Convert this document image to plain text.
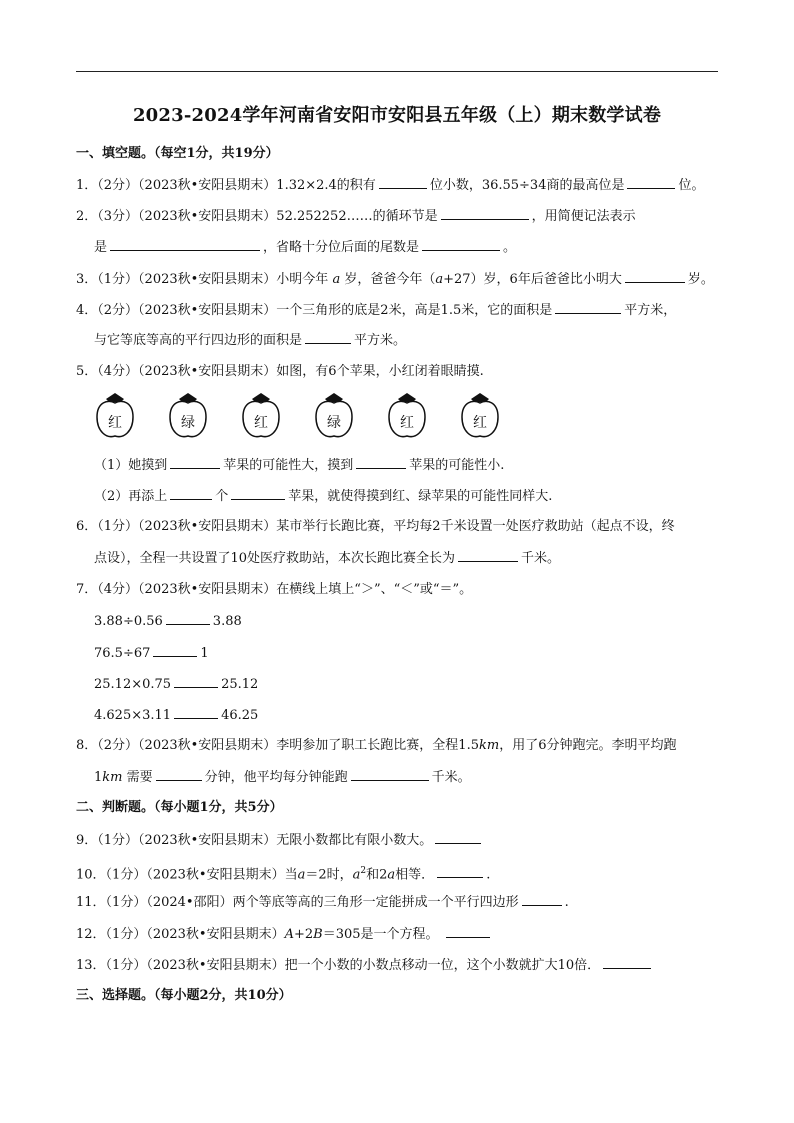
2023-2024学年河南省安阳市安阳县五年级（上）期末数学试卷
一、填空题。（每空1分，共19分）
1．（2分）（2023秋•安阳县期末）1.32×2.4的积有	位小数，36.55÷34商的最高位是	位。
2．（3分）（2023秋•安阳县期末）52.252252……的循环节是	，用简便记法表示
是	，省略十分位后面的尾数是	。
3．（1分）（2023秋•安阳县期末）小明今年 a 岁，爸爸今年（a+27）岁，6年后爸爸比小明大	岁。
4．（2分）（2023秋•安阳县期末）一个三角形的底是2米，高是1.5米，它的面积是	平方米，
与它等底等高的平行四边形的面积是	平方米。
5．（4分）（2023秋•安阳县期末）如图，有6个苹果，小红闭着眼睛摸.
红	绿	红	绿	红	红
（1）她摸到	苹果的可能性大，摸到	苹果的可能性小.
（2）再添上	个	苹果，就使得摸到红、绿苹果的可能性同样大.
6．（1分）（2023秋•安阳县期末）某市举行长跑比赛，平均每2千米设置一处医疗救助站（起点不设，终
点设），全程一共设置了10处医疗救助站，本次长跑比赛全长为	千米。
7．（4分）（2023秋•安阳县期末）在横线上填上“＞”、“＜”或“＝”。
3.88÷0.56	3.88
76.5÷67	1
25.12×0.75	25.12
4.625×3.11	46.25
8．（2分）（2023秋•安阳县期末）李明参加了职工长跑比赛，全程1.5km，用了6分钟跑完。李明平均跑
1km 需要	分钟，他平均每分钟能跑	千米。
二、判断题。（每小题1分，共5分）
9．（1分）（2023秋•安阳县期末）无限小数都比有限小数大。
10．（1分）（2023秋•安阳县期末）当a＝2时，$a^2$和2a相等．	.
11．（1分）（2024•邵阳）两个等底等高的三角形一定能拼成一个平行四边形	.
12．（1分）（2023秋•安阳县期末）A+2B＝305是一个方程。
13．（1分）（2023秋•安阳县期末）把一个小数的小数点移动一位，这个小数就扩大10倍．
三、选择题。（每小题2分，共10分）
